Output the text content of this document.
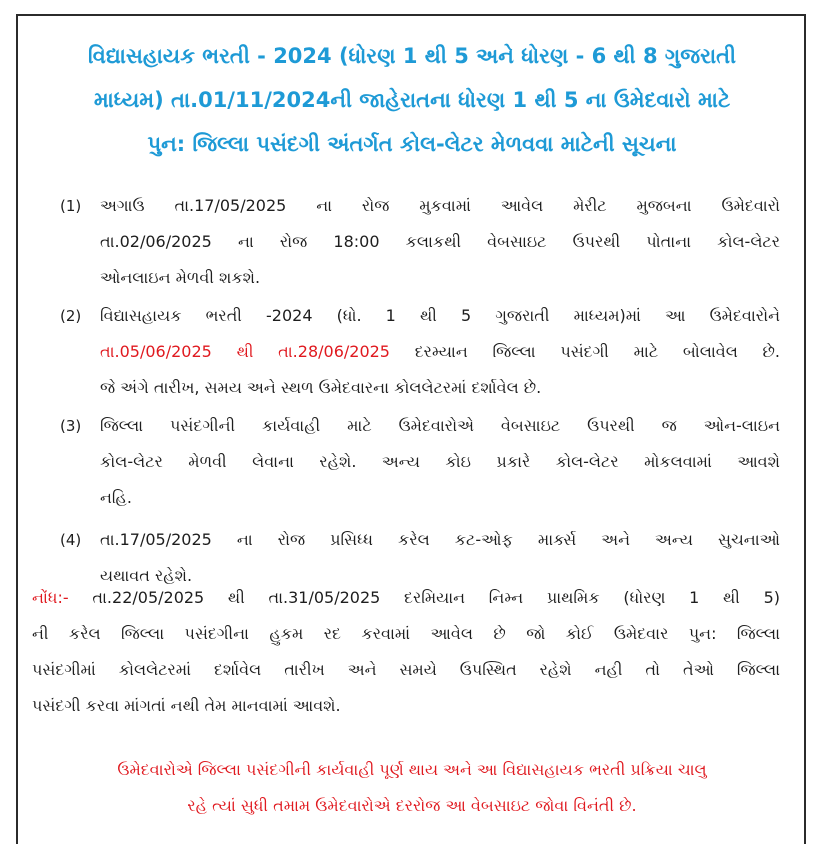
વિદ્યાસહાયક ભરતી - 2024 (ધોરણ 1 થી 5 અને ધોરણ - 6 થી 8 ગુજરાતી
માધ્યમ) તા.01/11/2024ની જાહેરાતના ધોરણ 1 થી 5 ના ઉમેદવારો માટે
પુન: જિલ્લા પસંદગી અંતર્ગત કોલ-લેટર મેળવવા માટેની સૂચના
(1)	અગાઉ તા.17/05/2025 ના રોજ મુકવામાં આવેલ મેરીટ મુજબના ઉમેદવારો
તા.02/06/2025 ના રોજ 18:00 કલાકથી વેબસાઇટ ઉપરથી પોતાના કોલ-લેટર
ઓનલાઇન મેળવી શકશે.
(2)	વિદ્યાસહાયક ભરતી -2024 (ધો. 1 થી 5 ગુજરાતી માધ્યમ)માં આ ઉમેદવારોને
તા.05/06/2025 થી તા.28/06/2025 દરમ્યાન જિલ્લા પસંદગી માટે બોલાવેલ છે.
જે અંગે તારીખ, સમય અને સ્થળ ઉમેદવારના કોલલેટરમાં દર્શાવેલ છે.
(3)	જિલ્લા પસંદગીની કાર્યવાહી માટે ઉમેદવારોએ વેબસાઇટ ઉપરથી જ ઓન-લાઇન
કોલ-લેટર મેળવી લેવાના રહેશે. અન્ય કોઇ પ્રકારે કોલ-લેટર મોકલવામાં આવશે
નહિ.
(4)	તા.17/05/2025 ના રોજ પ્રસિધ્ધ કરેલ કટ-ઓફ માર્ક્સ અને અન્ય સુચનાઓ
યથાવત રહેશે.
નોંધ:- તા.22/05/2025 થી તા.31/05/2025 દરમિયાન નિમ્ન પ્રાથમિક (ધોરણ 1 થી 5)
ની કરેલ જિલ્લા પસંદગીના હુકમ રદ કરવામાં આવેલ છે જો કોઈ ઉમેદવાર પુન: જિલ્લા
પસંદગીમાં કોલલેટરમાં દર્શાવેલ તારીખ અને સમયે ઉપસ્થિત રહેશે નહી તો તેઓ જિલ્લા
પસંદગી કરવા માંગતાં નથી તેમ માનવામાં આવશે.
ઉમેદવારોએ જિલ્લા પસંદગીની કાર્યવાહી પૂર્ણ થાય અને આ વિદ્યાસહાયક ભરતી પ્રક્રિયા ચાલુ
રહે ત્યાં સુધી તમામ ઉમેદવારોએ દરરોજ આ વેબસાઇટ જોવા વિનંતી છે.
